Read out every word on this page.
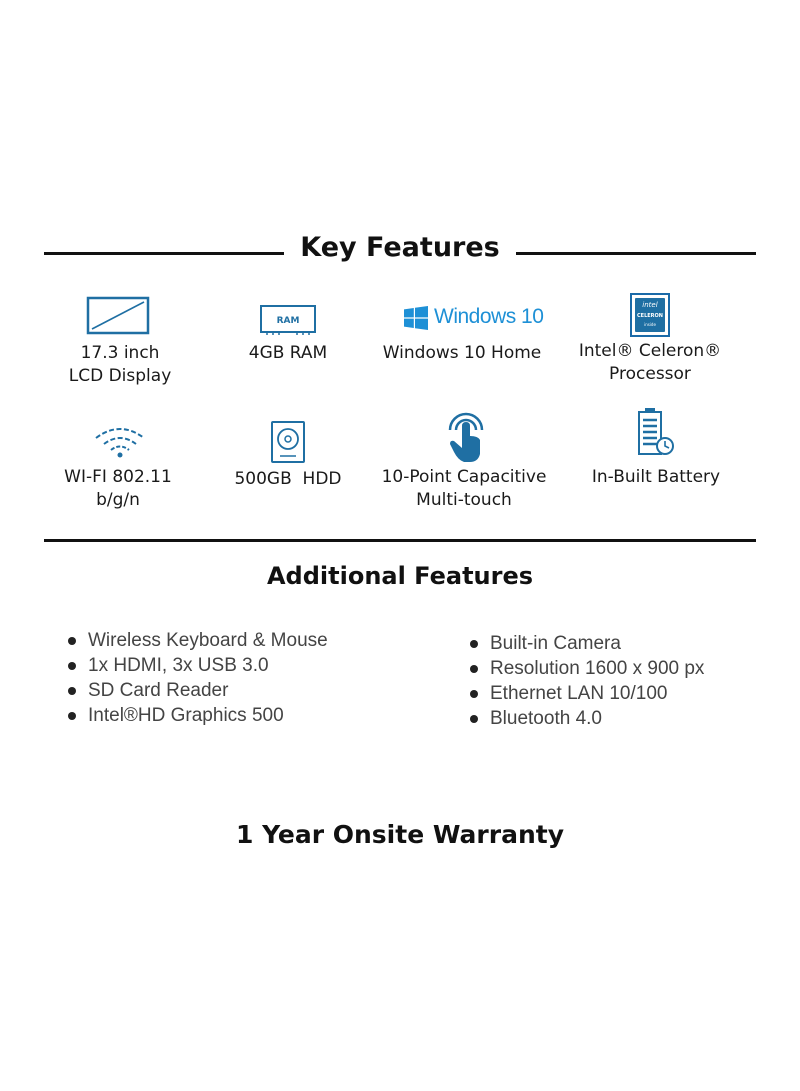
Key Features
17.3 inch
LCD Display
RAM
4GB RAM
Windows 10
Windows 10 Home
intel
CELERON
inside
Intel® Celeron®
Processor
WI-FI 802.11
b/g/n
500GB  HDD	10-Point Capacitive
Multi-touch
In-Built Battery
Additional Features
Wireless Keyboard & Mouse
1x HDMI, 3x USB 3.0
SD Card Reader
Intel®HD Graphics 500
Built-in Camera
Resolution 1600 x 900 px
Ethernet LAN 10/100
Bluetooth 4.0
1 Year Onsite Warranty
